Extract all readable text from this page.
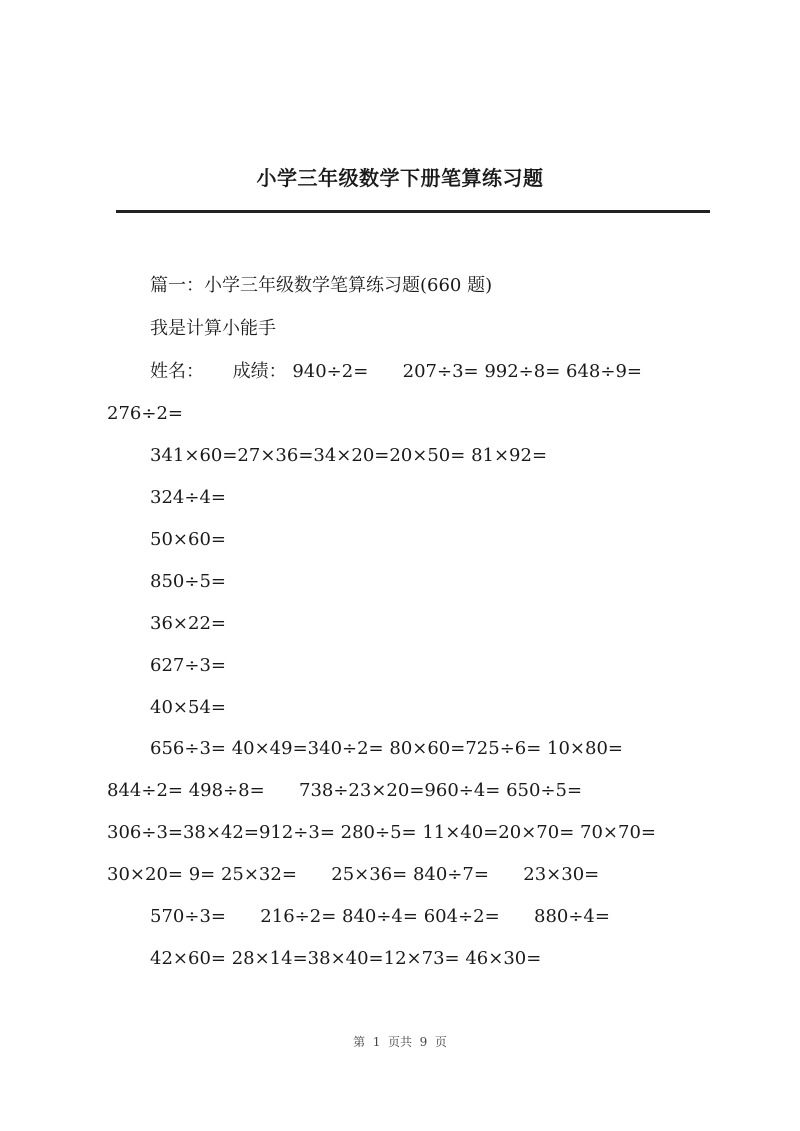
小学三年级数学下册笔算练习题
篇一：小学三年级数学笔算练习题(660 题)
我是计算小能手
姓名：     成绩： 940÷2=      207÷3= 992÷8= 648÷9=
276÷2=
341×60=27×36=34×20=20×50= 81×92=
324÷4=
50×60=
850÷5=
36×22=
627÷3=
40×54=
656÷3= 40×49=340÷2= 80×60=725÷6= 10×80=
844÷2= 498÷8=      738÷23×20=960÷4= 650÷5=
306÷3=38×42=912÷3= 280÷5= 11×40=20×70= 70×70=
30×20= 9= 25×32=      25×36= 840÷7=      23×30=
570÷3=      216÷2= 840÷4= 604÷2=      880÷4=
42×60= 28×14=38×40=12×73= 46×30=
第  1  页共  9  页
